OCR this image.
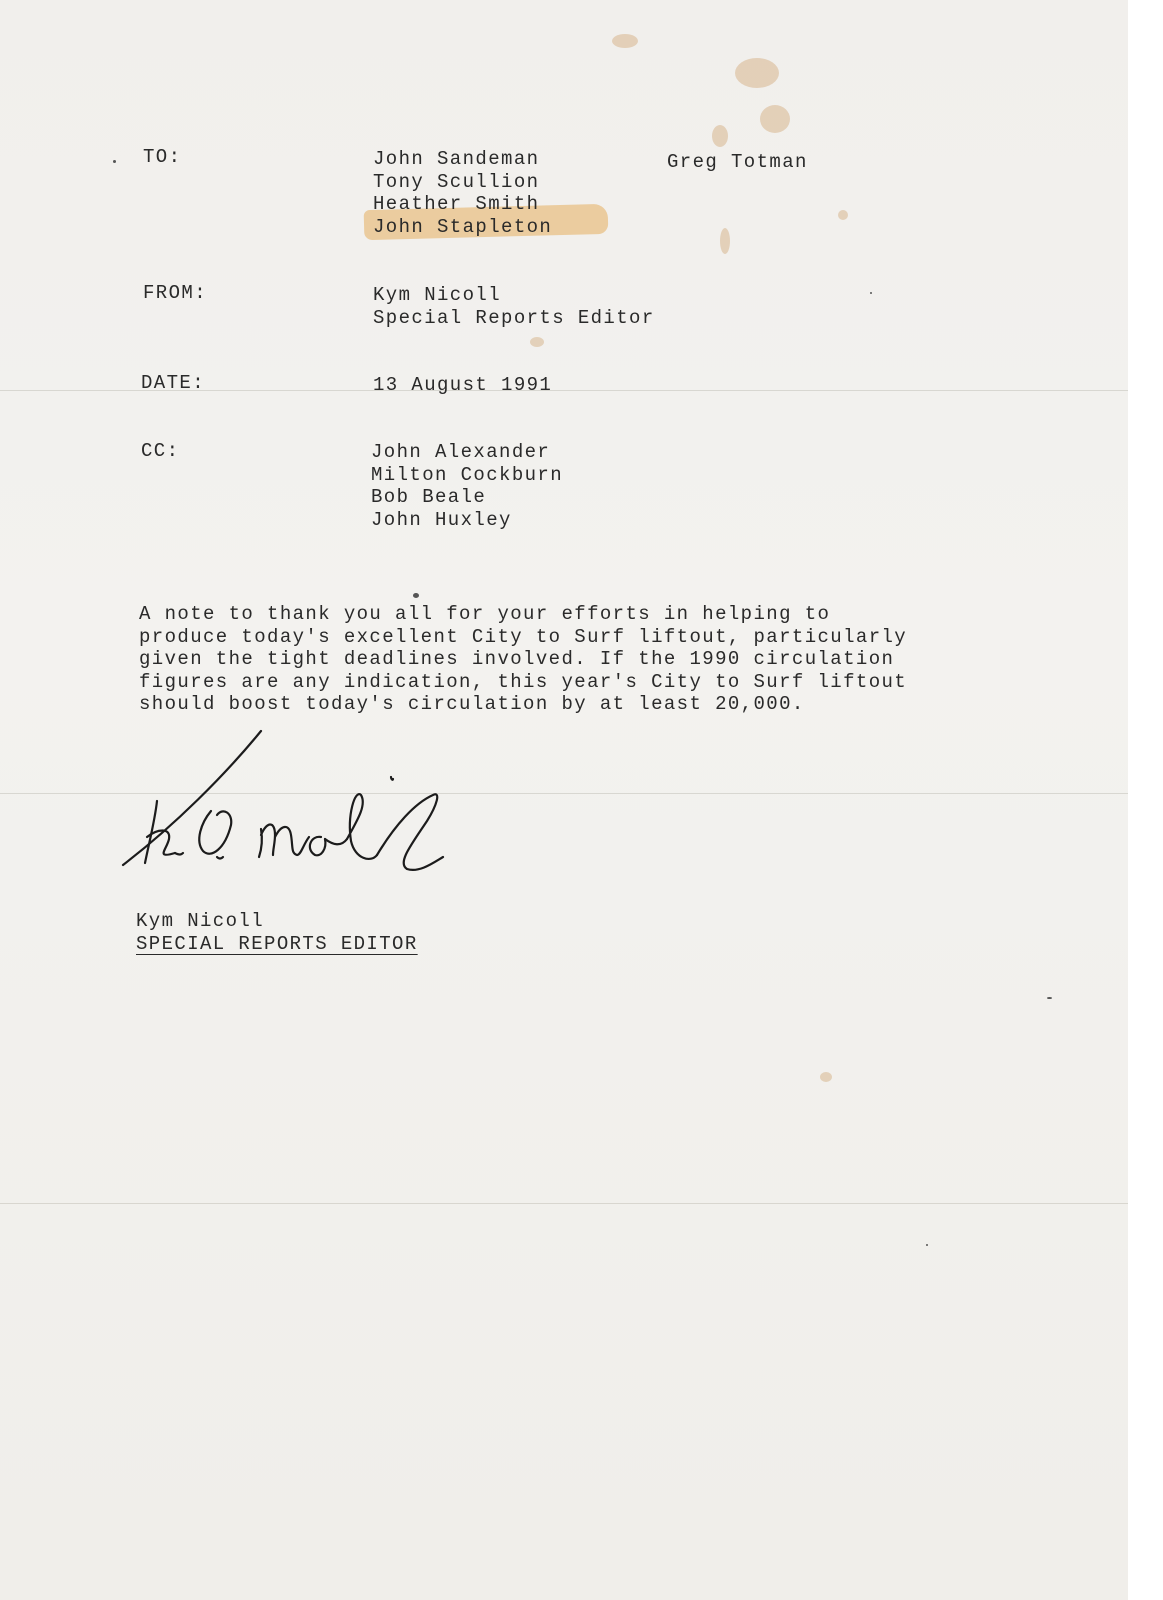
TO:	John Sandeman
Tony Scullion
Heather Smith
John Stapleton
Greg Totman
FROM:	Kym Nicoll
Special Reports Editor
DATE:	13 August 1991
CC:	John Alexander
Milton Cockburn
Bob Beale
John Huxley
A note to thank you all for your efforts in helping to
produce today's excellent City to Surf liftout, particularly
given the tight deadlines involved. If the 1990 circulation
figures are any indication, this year's City to Surf liftout
should boost today's circulation by at least 20,000.
Kym Nicoll
SPECIAL REPORTS EDITOR
